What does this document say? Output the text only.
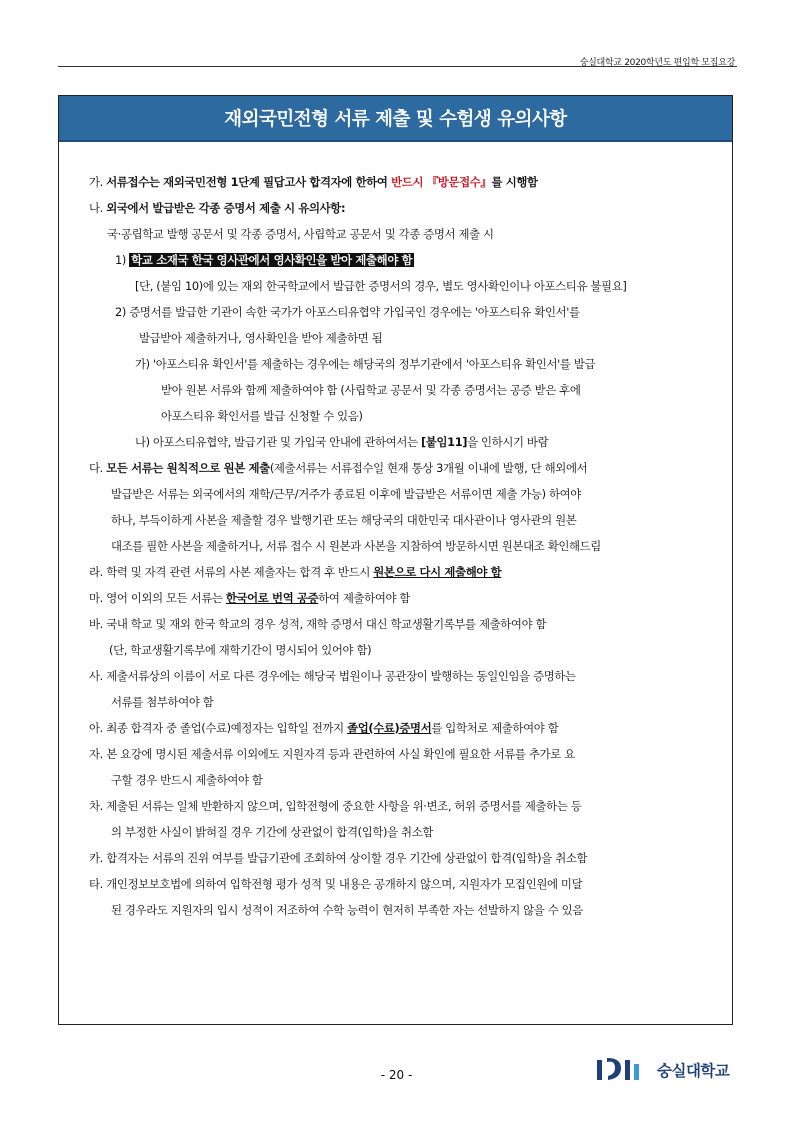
숭실대학교 2020학년도 편입학 모집요강
재외국민전형 서류 제출 및 수험생 유의사항
가. 서류접수는 재외국민전형 1단계 필답고사 합격자에 한하여 반드시 『방문접수』를 시행함
나. 외국에서 발급받은 각종 증명서 제출 시 유의사항:
국·공립학교 발행 공문서 및 각종 증명서, 사립학교 공문서 및 각종 증명서 제출 시
1) 학교 소재국 한국 영사관에서 영사확인을 받아 제출해야 함
[단, (붙임 10)에 있는 재외 한국학교에서 발급한 증명서의 경우, 별도 영사확인이나 아포스티유 불필요]
2) 증명서를 발급한 기관이 속한 국가가 아포스티유협약 가입국인 경우에는 '아포스티유 확인서'를
발급받아 제출하거나, 영사확인을 받아 제출하면 됨
가) '아포스티유 확인서'를 제출하는 경우에는 해당국의 정부기관에서 '아포스티유 확인서'를 발급
받아 원본 서류와 함께 제출하여야 함 (사립학교 공문서 및 각종 증명서는 공증 받은 후에
아포스티유 확인서를 발급 신청할 수 있음)
나) 아포스티유협약, 발급기관 및 가입국 안내에 관하여서는 [붙임11]을 인하시기 바람
다. 모든 서류는 원칙적으로 원본 제출(제출서류는 서류접수일 현재 통상 3개월 이내에 발행, 단 해외에서
발급받은 서류는 외국에서의 재학/근무/거주가 종료된 이후에 발급받은 서류이면 제출 가능) 하여야
하나, 부득이하게 사본을 제출할 경우 발행기관 또는 해당국의 대한민국 대사관이나 영사관의 원본
대조를 필한 사본을 제출하거나, 서류 접수 시 원본과 사본을 지참하여 방문하시면 원본대조 확인해드림
라. 학력 및 자격 관련 서류의 사본 제출자는 합격 후 반드시 원본으로 다시 제출해야 함
마. 영어 이외의 모든 서류는 한국어로 번역 공증하여 제출하여야 함
바. 국내 학교 및 재외 한국 학교의 경우 성적, 재학 증명서 대신 학교생활기록부를 제출하여야 함
(단, 학교생활기록부에 재학기간이 명시되어 있어야 함)
사. 제출서류상의 이름이 서로 다른 경우에는 해당국 법원이나 공관장이 발행하는 동일인임을 증명하는
서류를 첨부하여야 함
아. 최종 합격자 중 졸업(수료)예정자는 입학일 전까지 졸업(수료)증명서를 입학처로 제출하여야 함
자. 본 요강에 명시된 제출서류 이외에도 지원자격 등과 관련하여 사실 확인에 필요한 서류를 추가로 요
구할 경우 반드시 제출하여야 함
차. 제출된 서류는 일체 반환하지 않으며, 입학전형에 중요한 사항을 위·변조, 허위 증명서를 제출하는 등
의 부정한 사실이 밝혀질 경우 기간에 상관없이 합격(입학)을 취소함
카. 합격자는 서류의 진위 여부를 발급기관에 조회하여 상이할 경우 기간에 상관없이 합격(입학)을 취소함
타. 개인정보보호법에 의하여 입학전형 평가 성적 및 내용은 공개하지 않으며, 지원자가 모집인원에 미달
된 경우라도 지원자의 입시 성적이 저조하여 수학 능력이 현저히 부족한 자는 선발하지 않을 수 있음
- 20 -	숭실대학교
